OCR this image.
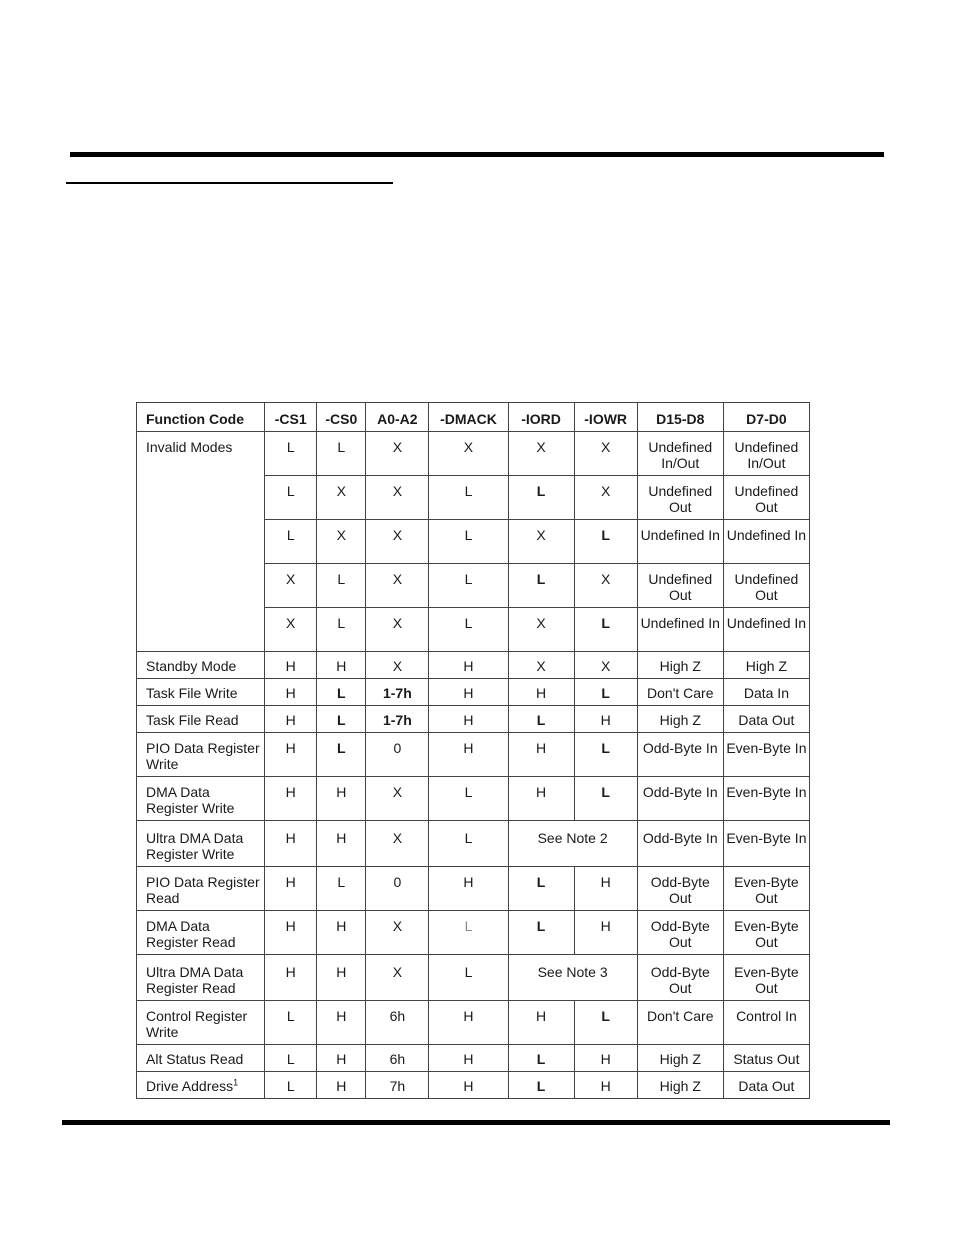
Function Code	-CS1	-CS0	A0-A2	-DMACK	-IORD	-IOWR	D15-D8	D7-D0
Invalid Modes	L	L	X	X	X	X	Undefined In/Out	Undefined In/Out
	L	X	X	L	L	X	Undefined Out	Undefined Out
	L	X	X	L	X	L	Undefined In	Undefined In
	X	L	X	L	L	X	Undefined Out	Undefined Out
	X	L	X	L	X	L	Undefined In	Undefined In
Standby Mode	H	H	X	H	X	X	High Z	High Z
Task File Write	H	L	1-7h	H	H	L	Don't Care	Data In
Task File Read	H	L	1-7h	H	L	H	High Z	Data Out
PIO Data Register Write	H	L	0	H	H	L	Odd-Byte In	Even-Byte In
DMA Data Register Write	H	H	X	L	H	L	Odd-Byte In	Even-Byte In
Ultra DMA Data Register Write	H	H	X	L	See Note 2		Odd-Byte In	Even-Byte In
PIO Data Register Read	H	L	0	H	L	H	Odd-Byte Out	Even-Byte Out
DMA Data Register Read	H	H	X	L	L	H	Odd-Byte Out	Even-Byte Out
Ultra DMA Data Register Read	H	H	X	L	See Note 3		Odd-Byte Out	Even-Byte Out
Control Register Write	L	H	6h	H	H	L	Don't Care	Control In
Alt Status Read	L	H	6h	H	L	H	High Z	Status Out
Drive Address$^1$	L	H	7h	H	L	H	High Z	Data Out
